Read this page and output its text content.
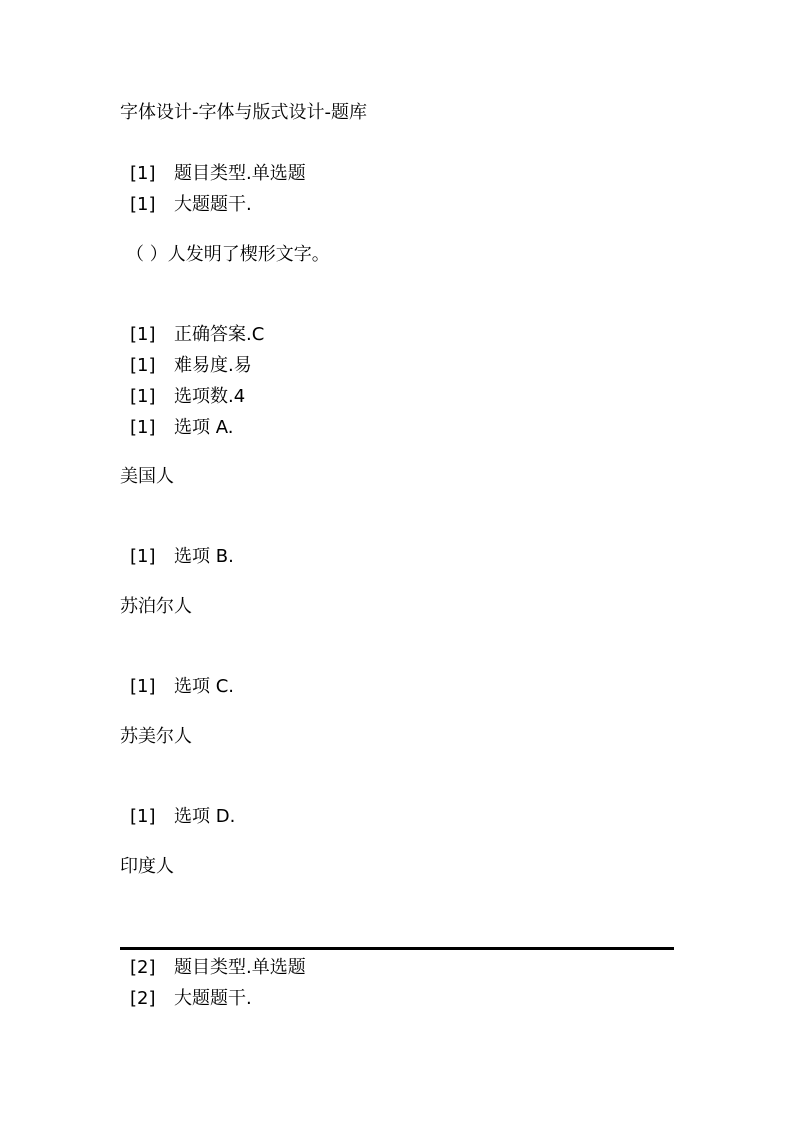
字体设计-字体与版式设计-题库
[1] 题目类型.单选题
[1] 大题题干.
（ ）人发明了楔形文字。
[1] 正确答案.C
[1] 难易度.易
[1] 选项数.4
[1] 选项 A.
美国人
[1] 选项 B.
苏泊尔人
[1] 选项 C.
苏美尔人
[1] 选项 D.
印度人
[2] 题目类型.单选题
[2] 大题题干.
